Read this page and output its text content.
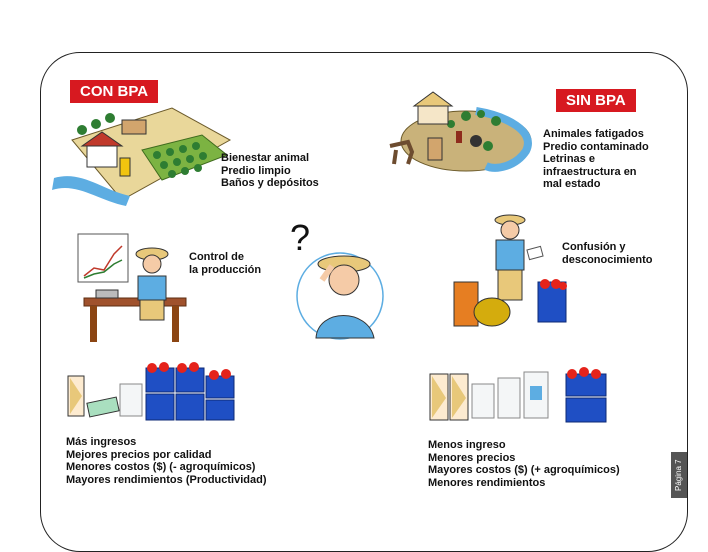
CON BPA
SIN BPA
Bienestar animal
Predio limpio
Baños y depósitos
Animales fatigados
Predio contaminado
Letrinas e
infraestructura en
mal estado
Control de
la producción
?	Confusión y
desconocimiento
Más ingresos
Mejores precios por calidad
Menores costos ($) (- agroquímicos)
Mayores rendimientos (Productividad)
Menos ingreso
Menores precios
Mayores costos ($) (+ agroquímicos)
Menores rendimientos	Página 7
